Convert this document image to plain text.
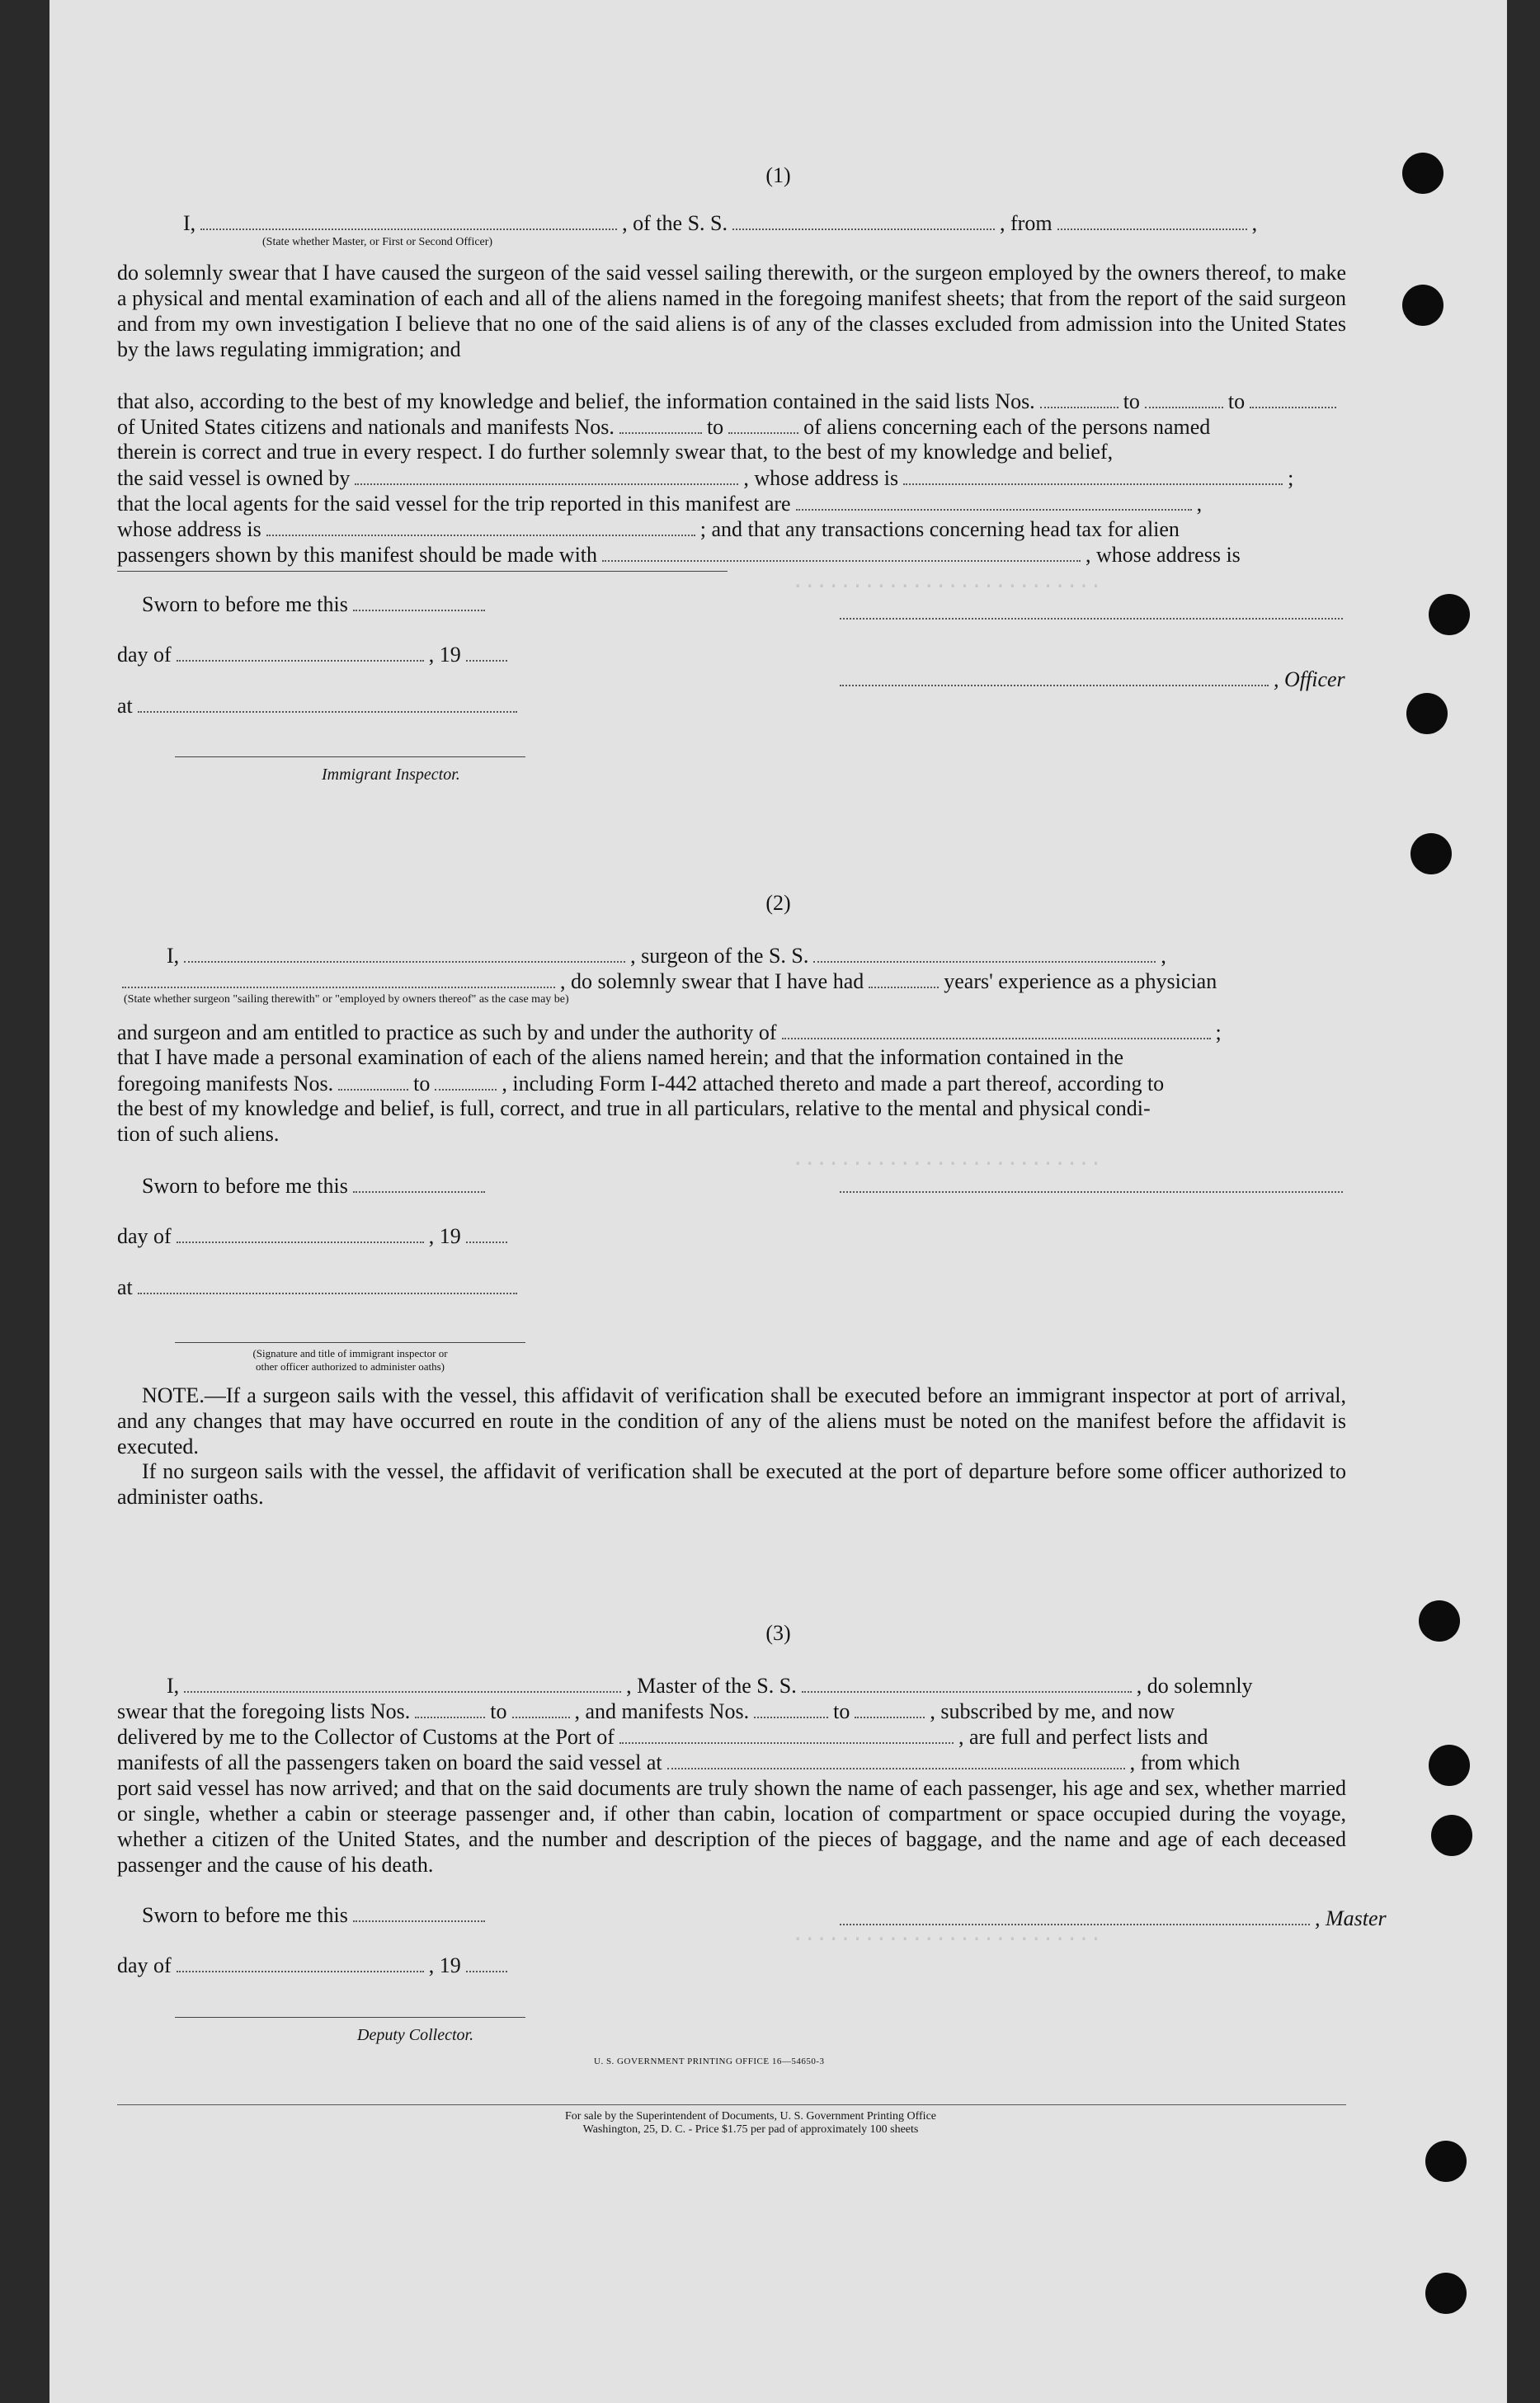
..........................
..........................
..........................
(1)
I,	, of the S. S.	, from	,
(State whether Master, or First or Second Officer)

do solemnly swear that I have caused the surgeon of the said vessel sailing therewith, or the surgeon employed by the owners thereof, to make a physical and mental examination of each and all of the aliens named in the foregoing manifest sheets; that from the report of the said surgeon and from my own investigation I believe that no one of the said aliens is of any of the classes excluded from admission into the United States by the laws regulating immigration; and

that also, according to the best of my knowledge and belief, the information contained in the said lists Nos.	to	to
of United States citizens and nationals and manifests Nos.	to	of aliens concerning each of the persons named
therein is correct and true in every respect. I do further solemnly swear that, to the best of my knowledge and belief,
the said vessel is owned by	, whose address is	;
that the local agents for the said vessel for the trip reported in this manifest are	,
whose address is	; and that any transactions concerning head tax for alien
passengers shown by this manifest should be made with	, whose address is
Sworn to before me this
day of	, 19
at
Immigrant Inspector.
, Officer
(2)
I,	, surgeon of the S. S.	,
, do solemnly swear that I have had	years' experience as a physician
(State whether surgeon "sailing therewith" or "employed by owners thereof" as the case may be)
and surgeon and am entitled to practice as such by and under the authority of	;
that I have made a personal examination of each of the aliens named herein; and that the information contained in the
foregoing manifests Nos.	to	, including Form I-442 attached thereto and made a part thereof, according to
the best of my knowledge and belief, is full, correct, and true in all particulars, relative to the mental and physical condi-
tion of such aliens.
Sworn to before me this
day of	, 19
at
(Signature and title of immigrant inspector or
other officer authorized to administer oaths)

NOTE.—If a surgeon sails with the vessel, this affidavit of verification shall be executed before an immigrant inspector at port of arrival, and any changes that may have occurred en route in the condition of any of the aliens must be noted on the manifest before the affidavit is executed.

If no surgeon sails with the vessel, the affidavit of verification shall be executed at the port of departure before some officer authorized to administer oaths.

(3)
I,	, Master of the S. S.	, do solemnly
swear that the foregoing lists Nos.	to	, and manifests Nos.	to	, subscribed by me, and now
delivered by me to the Collector of Customs at the Port of	, are full and perfect lists and
manifests of all the passengers taken on board the said vessel at	, from which

port said vessel has now arrived; and that on the said documents are truly shown the name of each passenger, his age and sex, whether married or single, whether a cabin or steerage passenger and, if other than cabin, location of compartment or space occupied during the voyage, whether a citizen of the United States, and the number and description of the pieces of baggage, and the name and age of each deceased passenger and the cause of his death.

Sworn to before me this	, Master
day of	, 19
Deputy Collector.
U. S. GOVERNMENT PRINTING OFFICE 16—54650-3
For sale by the Superintendent of Documents, U. S. Government Printing Office
Washington, 25, D. C. - Price $1.75 per pad of approximately 100 sheets
